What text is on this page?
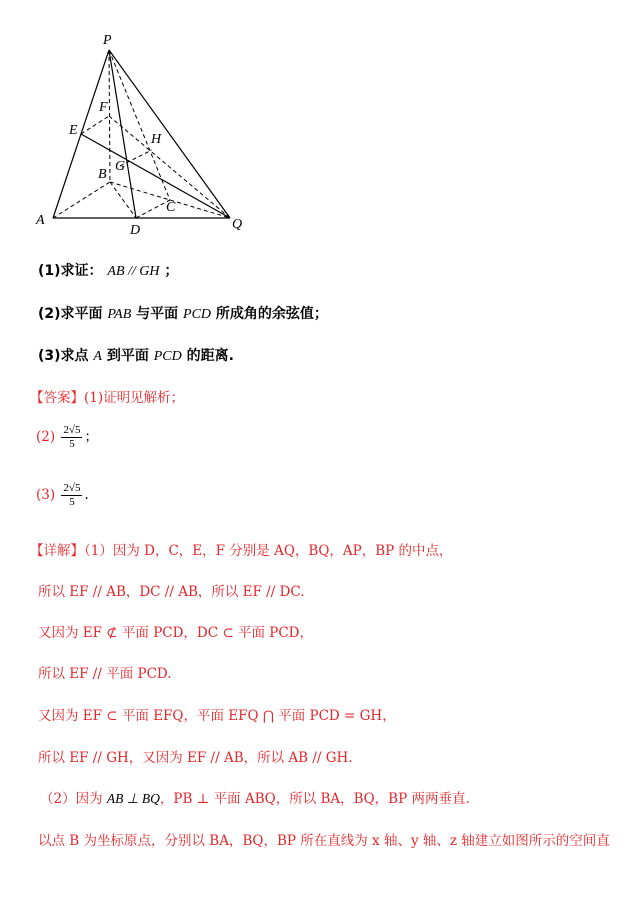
P
F
E
H
G
B
C
A
D	Q
(1)求证： AB // GH ；
(2)求平面 PAB 与平面 PCD 所成角的余弦值；
(3)求点 A 到平面 PCD 的距离.
【答案】(1)证明见解析；
$(2) \frac{2√5}{5}$ ；
$(3) \frac{2√5}{5}$ .
【详解】（1）因为 D，C，E，F 分别是 AQ，BQ，AP，BP 的中点，
所以 EF // AB，DC // AB，所以 EF // DC.
又因为 EF ⊄ 平面 PCD，DC ⊂ 平面 PCD，
所以 EF // 平面 PCD.
又因为 EF ⊂ 平面 EFQ，平面 EFQ ⋂ 平面 PCD = GH，
所以 EF // GH，又因为 EF // AB，所以 AB // GH.
（2）因为 AB ⊥ BQ，PB ⊥ 平面 ABQ，所以 BA，BQ，BP 两两垂直.
以点 B 为坐标原点，分别以 BA，BQ，BP 所在直线为 x 轴、y 轴、z 轴建立如图所示的空间直
